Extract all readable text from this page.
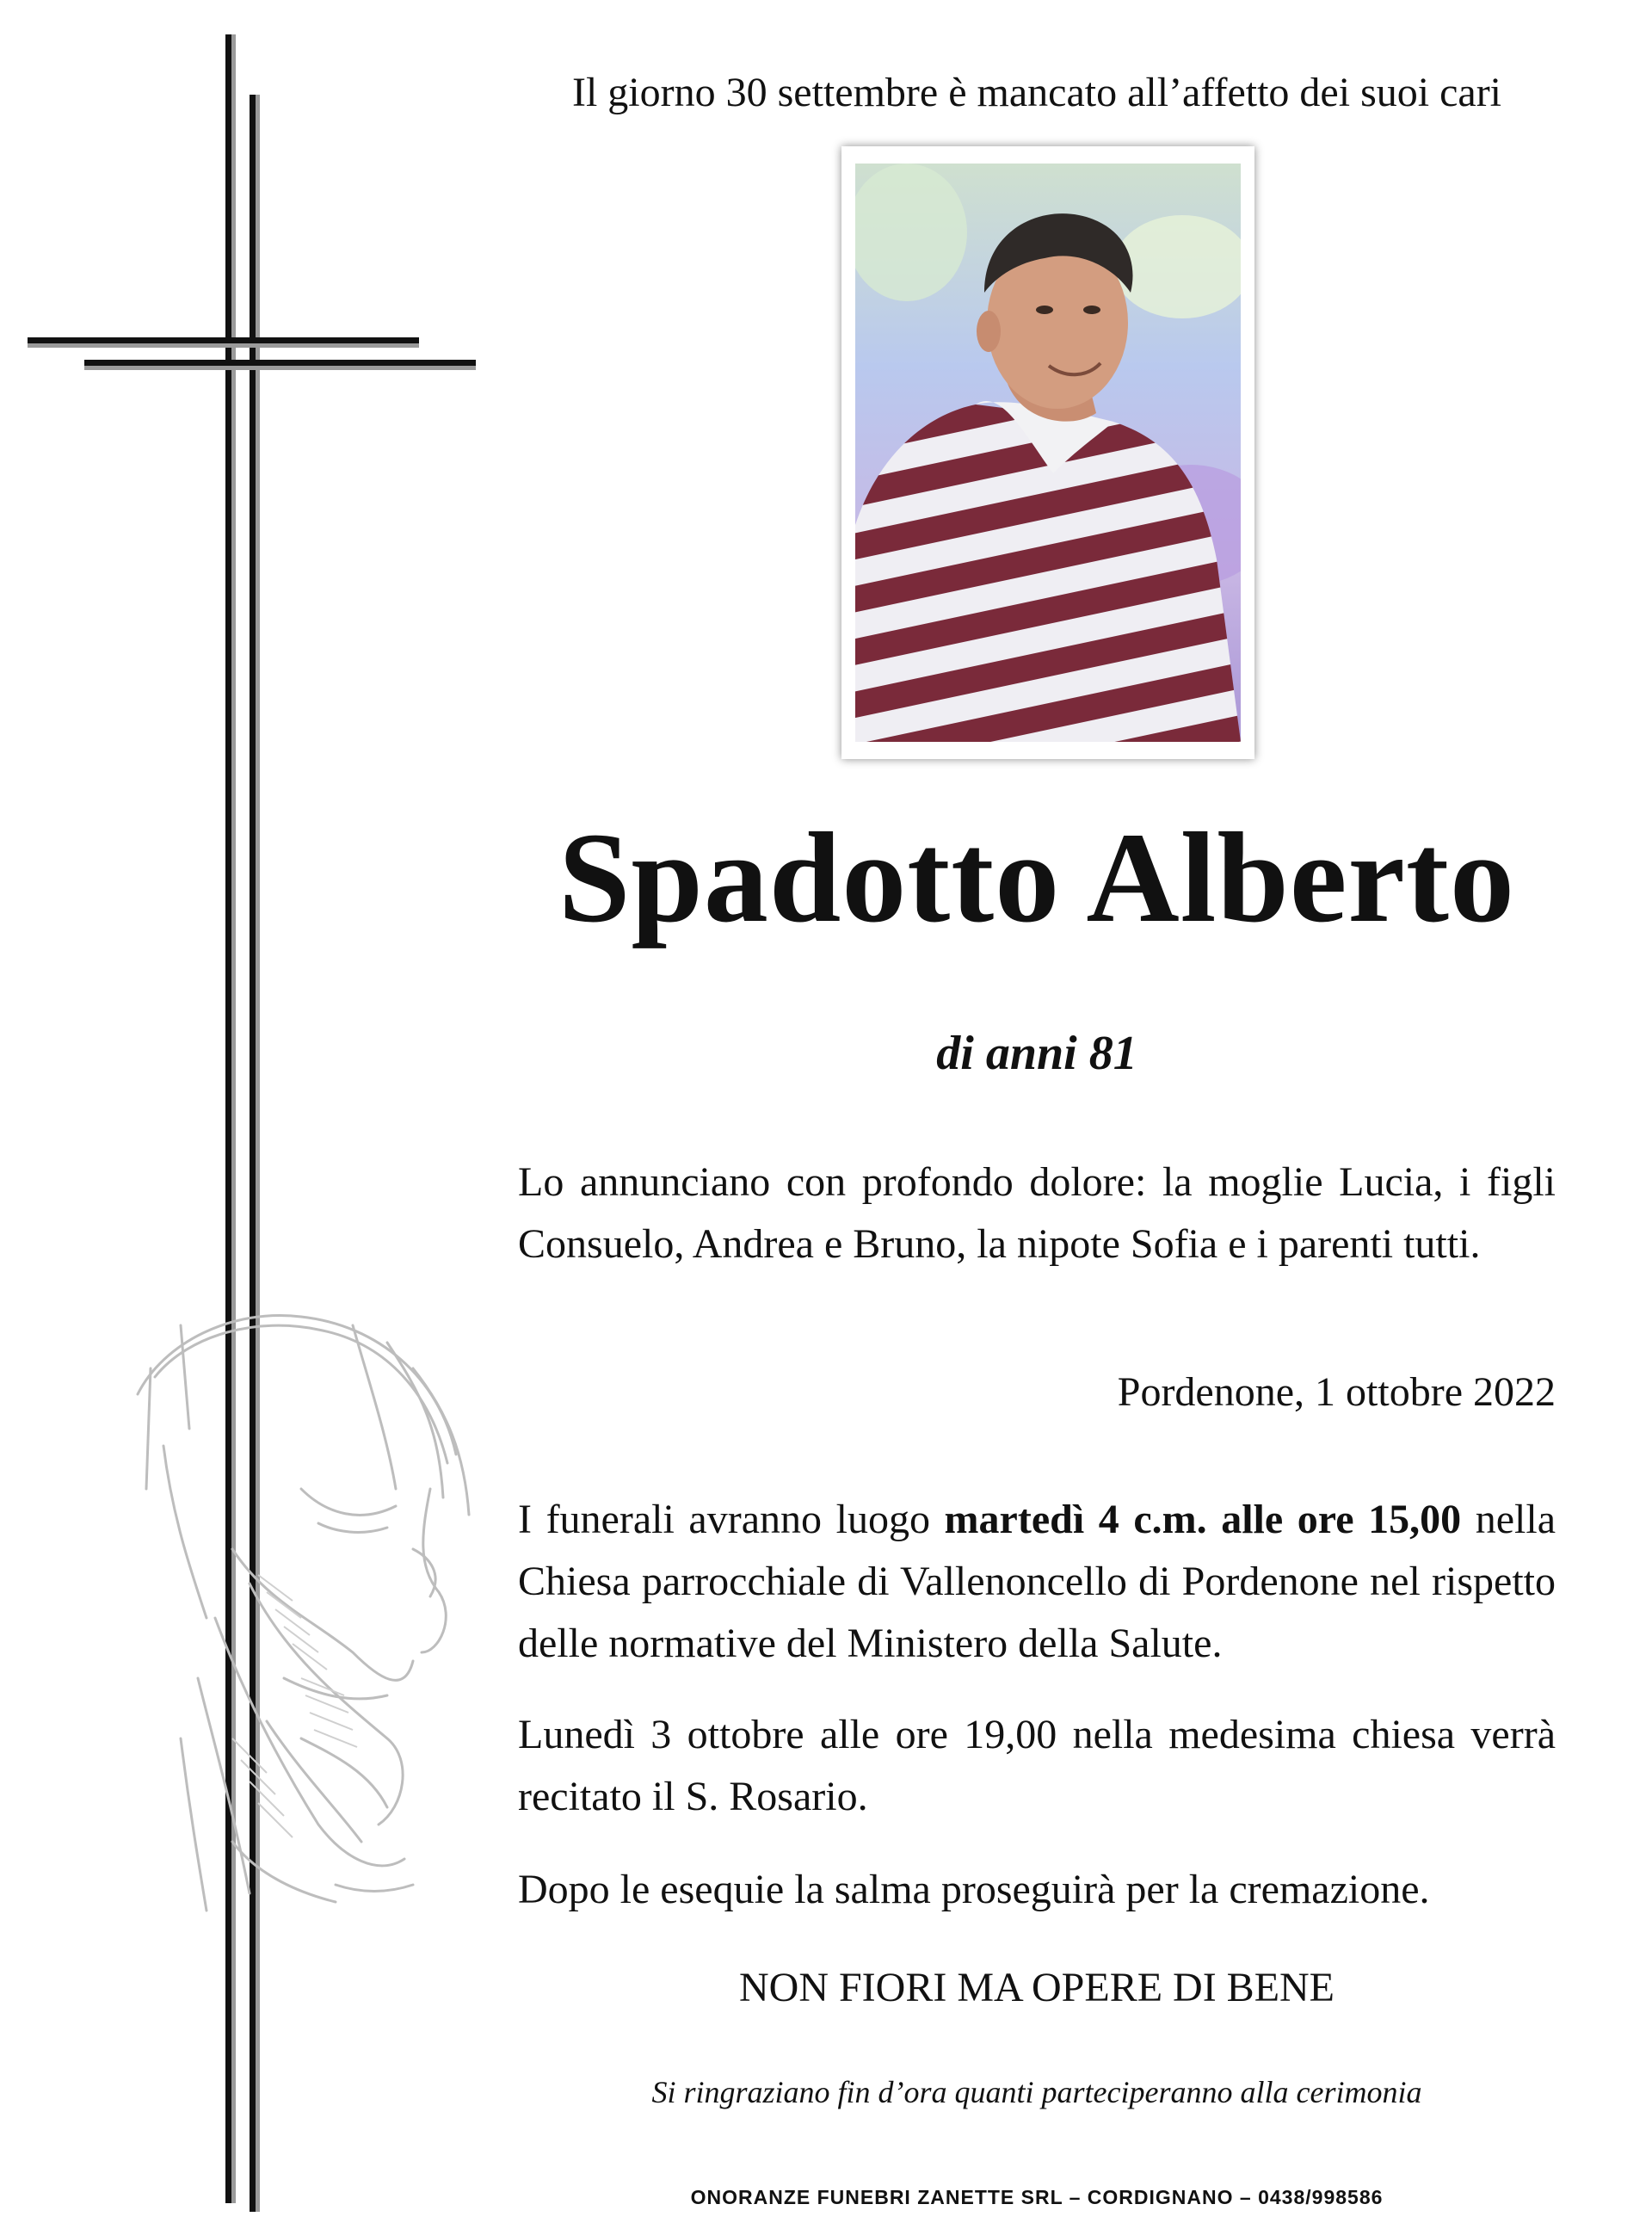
Il giorno 30 settembre è mancato all’affetto dei suoi cari
Spadotto Alberto
di anni 81
Lo annunciano con profondo dolore: la moglie Lucia, i figli Consuelo, Andrea e Bruno, la nipote Sofia e i parenti tutti.
Pordenone, 1 ottobre 2022
I funerali avranno luogo martedì 4 c.m. alle ore 15,00 nella Chiesa parrocchiale di Vallenoncello di Pordenone nel rispetto delle normative del Ministero della Salute.
Lunedì 3 ottobre alle ore 19,00 nella medesima chiesa verrà recitato il S. Rosario.
Dopo le esequie la salma proseguirà per la cremazione.
NON FIORI MA OPERE DI BENE
Si ringraziano fin d’ora quanti parteciperanno alla cerimonia
ONORANZE FUNEBRI ZANETTE SRL – CORDIGNANO – 0438/998586
